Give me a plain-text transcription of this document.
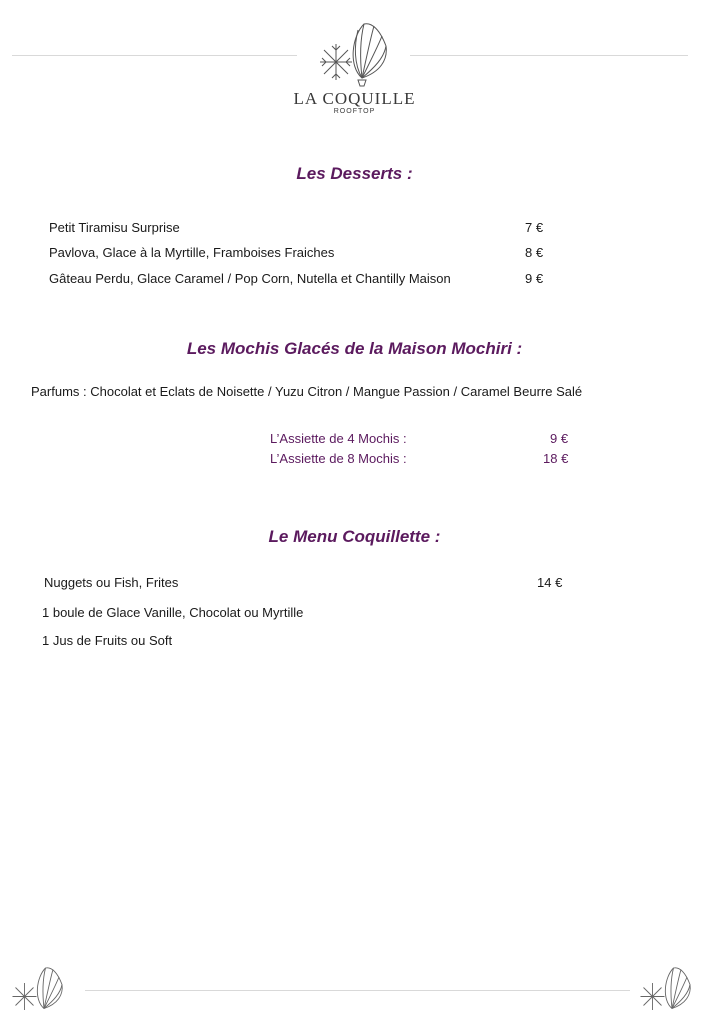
LA COQUILLE
ROOFTOP
Les Desserts :
Petit Tiramisu Surprise	7 €
Pavlova, Glace à la Myrtille, Framboises Fraiches	8 €
Gâteau Perdu, Glace Caramel / Pop Corn, Nutella et Chantilly Maison	9 €
Les Mochis Glacés de la Maison Mochiri :
Parfums : Chocolat et Eclats de Noisette / Yuzu Citron / Mangue Passion / Caramel Beurre Salé
L’Assiette de 4 Mochis :	9 €
L’Assiette de 8 Mochis :	18 €
Le Menu Coquillette :
Nuggets ou Fish, Frites	14 €
1 boule de Glace Vanille, Chocolat ou Myrtille
1 Jus de Fruits ou Soft
